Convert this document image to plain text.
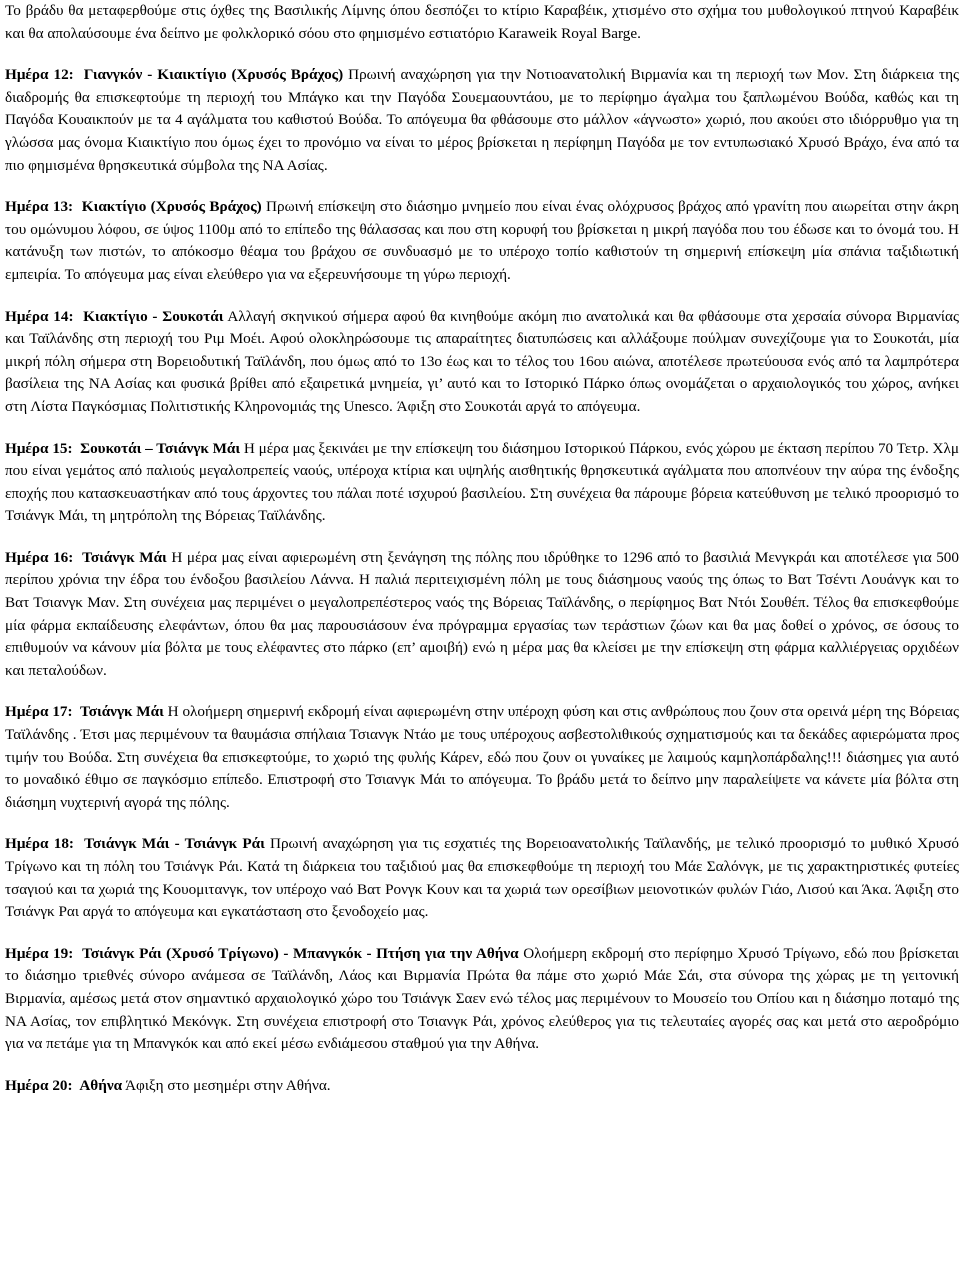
Το βράδυ θα μεταφερθούμε στις όχθες της Βασιλικής Λίμνης όπου δεσπόζει το κτίριο Καραβέικ, χτισμένο στο σχήμα του μυθολογικού πτηνού Καραβέικ και θα απολαύσουμε ένα δείπνο με φολκλορικό σόου στο φημισμένο εστιατόριο Karaweik Royal Barge.

Ημέρα 12: Γιανγκόν - Κιαικτίγιο (Χρυσός Βράχος) Πρωινή αναχώρηση για την Νοτιοανατολική Βιρμανία και τη περιοχή των Μον. Στη διάρκεια της διαδρομής θα επισκεφτούμε τη περιοχή του Μπάγκο και την Παγόδα Σουεμαουντάου, με το περίφημο άγαλμα του ξαπλωμένου Βούδα, καθώς και τη Παγόδα Κουαικπούν με τα 4 αγάλματα του καθιστού Βούδα. Το απόγευμα θα φθάσουμε στο μάλλον «άγνωστο» χωριό, που ακούει στο ιδιόρρυθμο για τη γλώσσα μας όνομα Κιαικτίγιο που όμως έχει το προνόμιο να είναι το μέρος βρίσκεται η περίφημη Παγόδα με τον εντυπωσιακό Χρυσό Βράχο, ένα από τα πιο φημισμένα θρησκευτικά σύμβολα της ΝΑ Ασίας.

Ημέρα 13: Κιακτίγιο (Χρυσός Βράχος) Πρωινή επίσκεψη στο διάσημο μνημείο που είναι ένας ολόχρυσος βράχος από γρανίτη που αιωρείται στην άκρη του ομώνυμου λόφου, σε ύψος 1100μ από το επίπεδο της θάλασσας και που στη κορυφή του βρίσκεται η μικρή παγόδα που του έδωσε και το όνομά του. Η κατάνυξη των πιστών, το απόκοσμο θέαμα του βράχου σε συνδυασμό με το υπέροχο τοπίο καθιστούν τη σημερινή επίσκεψη μία σπάνια ταξιδιωτική εμπειρία. Το απόγευμα μας είναι ελεύθερο για να εξερευνήσουμε τη γύρω περιοχή.

Ημέρα 14: Κιακτίγιο - Σουκοτάι Αλλαγή σκηνικού σήμερα αφού θα κινηθούμε ακόμη πιο ανατολικά και θα φθάσουμε στα χερσαία σύνορα Βιρμανίας και Ταϊλάνδης στη περιοχή του Ριμ Μοέι. Αφού ολοκληρώσουμε τις απαραίτητες διατυπώσεις και αλλάξουμε πούλμαν συνεχίζουμε για το Σουκοτάι, μία μικρή πόλη σήμερα στη Βορειοδυτική Ταϊλάνδη, που όμως από το 13ο έως και το τέλος του 16ου αιώνα, αποτέλεσε πρωτεύουσα ενός από τα λαμπρότερα βασίλεια της ΝΑ Ασίας και φυσικά βρίθει από εξαιρετικά μνημεία, γι’ αυτό και το Ιστορικό Πάρκο όπως ονομάζεται ο αρχαιολογικός του χώρος, ανήκει στη Λίστα Παγκόσμιας Πολιτιστικής Κληρονομιάς της Unesco. Άφιξη στο Σουκοτάι αργά το απόγευμα.

Ημέρα 15: Σουκοτάι – Τσιάνγκ Μάι Η μέρα μας ξεκινάει με την επίσκεψη του διάσημου Ιστορικού Πάρκου, ενός χώρου με έκταση περίπου 70 Τετρ. Χλμ που είναι γεμάτος από παλιούς μεγαλοπρεπείς ναούς, υπέροχα κτίρια και υψηλής αισθητικής θρησκευτικά αγάλματα που αποπνέουν την αύρα της ένδοξης εποχής που κατασκευαστήκαν από τους άρχοντες του πάλαι ποτέ ισχυρού βασιλείου. Στη συνέχεια θα πάρουμε βόρεια κατεύθυνση με τελικό προορισμό το Τσιάνγκ Μάι, τη μητρόπολη της Βόρειας Ταϊλάνδης.

Ημέρα 16: Τσιάνγκ Μάι Η μέρα μας είναι αφιερωμένη στη ξενάγηση της πόλης που ιδρύθηκε το 1296 από το βασιλιά Μενγκράι και αποτέλεσε για 500 περίπου χρόνια την έδρα του ένδοξου βασιλείου Λάννα. Η παλιά περιτειχισμένη πόλη με τους διάσημους ναούς της όπως το Βατ Τσέντι Λουάνγκ και το Βατ Τσιανγκ Μαν. Στη συνέχεια μας περιμένει ο μεγαλοπρεπέστερος ναός της Βόρειας Ταϊλάνδης, ο περίφημος Βατ Ντόι Σουθέπ. Τέλος θα επισκεφθούμε μία φάρμα εκπαίδευσης ελεφάντων, όπου θα μας παρουσιάσουν ένα πρόγραμμα εργασίας των τεράστιων ζώων και θα μας δοθεί ο χρόνος, σε όσους το επιθυμούν να κάνουν μία βόλτα με τους ελέφαντες στο πάρκο (επ’ αμοιβή) ενώ η μέρα μας θα κλείσει με την επίσκεψη στη φάρμα καλλιέργειας ορχιδέων και πεταλούδων.

Ημέρα 17: Τσιάνγκ Μάι Η ολοήμερη σημερινή εκδρομή είναι αφιερωμένη στην υπέροχη φύση και στις ανθρώπους που ζουν στα ορεινά μέρη της Βόρειας Ταϊλάνδης . Έτσι μας περιμένουν τα θαυμάσια σπήλαια Τσιανγκ Ντάο με τους υπέροχους ασβεστολιθικούς σχηματισμούς και τα δεκάδες αφιερώματα προς τιμήν του Βούδα. Στη συνέχεια θα επισκεφτούμε, το χωριό της φυλής Κάρεν, εδώ που ζουν οι γυναίκες με λαιμούς καμηλοπάρδαλης!!! διάσημες για αυτό το μοναδικό έθιμο σε παγκόσμιο επίπεδο. Επιστροφή στο Τσιανγκ Μάι το απόγευμα. Το βράδυ μετά το δείπνο μην παραλείψετε να κάνετε μία βόλτα στη διάσημη νυχτερινή αγορά της πόλης.

Ημέρα 18: Τσιάνγκ Μάι - Τσιάνγκ Ράι Πρωινή αναχώρηση για τις εσχατιές της Βορειοανατολικής Ταϊλανδής, με τελικό προορισμό το μυθικό Χρυσό Τρίγωνο και τη πόλη του Τσιάνγκ Ράι. Κατά τη διάρκεια του ταξιδιού μας θα επισκεφθούμε τη περιοχή του Μάε Σαλόνγκ, με τις χαρακτηριστικές φυτείες τσαγιού και τα χωριά της Κουομιτανγκ, τον υπέροχο ναό Βατ Ρονγκ Κουν και τα χωριά των ορεσίβιων μειονοτικών φυλών Γιάο, Λισού και Άκα. Άφιξη στο Τσιάνγκ Ραι αργά το απόγευμα και εγκατάσταση στο ξενοδοχείο μας.

Ημέρα 19: Τσιάνγκ Ράι (Χρυσό Τρίγωνο) - Μπανγκόκ - Πτήση για την Αθήνα Ολοήμερη εκδρομή στο περίφημο Χρυσό Τρίγωνο, εδώ που βρίσκεται το διάσημο τριεθνές σύνορο ανάμεσα σε Ταϊλάνδη, Λάος και Βιρμανία Πρώτα θα πάμε στο χωριό Μάε Σάι, στα σύνορα της χώρας με τη γειτονική Βιρμανία, αμέσως μετά στον σημαντικό αρχαιολογικό χώρο του Τσιάνγκ Σαεν ενώ τέλος μας περιμένουν το Μουσείο του Οπίου και η διάσημο ποταμό της ΝΑ Ασίας, τον επιβλητικό Μεκόνγκ. Στη συνέχεια επιστροφή στο Τσιανγκ Ράι, χρόνος ελεύθερος για τις τελευταίες αγορές σας και μετά στο αεροδρόμιο για να πετάμε για τη Μπανγκόκ και από εκεί μέσω ενδιάμεσου σταθμού για την Αθήνα.

Ημέρα 20: Αθήνα Άφιξη στο μεσημέρι στην Αθήνα.
